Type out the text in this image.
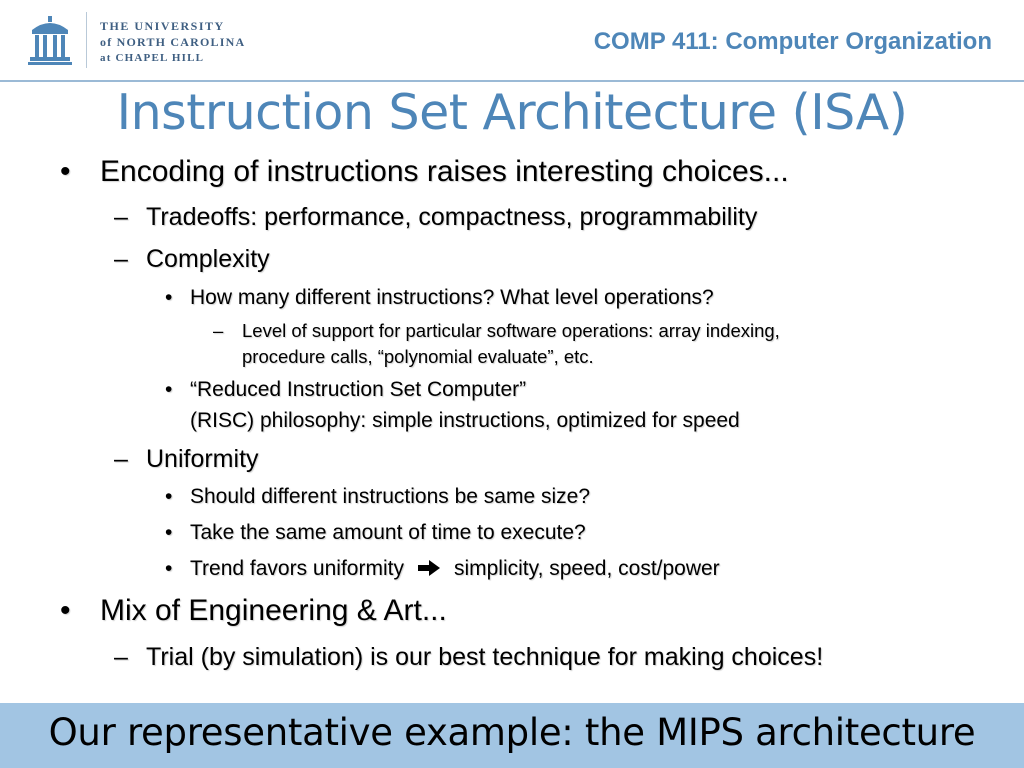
THE UNIVERSITY
of NORTH CAROLINA
at CHAPEL HILL
COMP 411: Computer Organization
Instruction Set Architecture (ISA)
• Encoding of instructions raises interesting choices...
– Tradeoffs: performance, compactness, programmability
– Complexity
• How many different instructions? What level operations?
– Level of support for particular software operations: array indexing,
procedure calls, “polynomial evaluate”, etc.
• “Reduced Instruction Set Computer”
(RISC) philosophy: simple instructions, optimized for speed
– Uniformity
• Should different instructions be same size?
• Take the same amount of time to execute?
• Trend favors uniformity simplicity, speed, cost/power
• Mix of Engineering & Art...
– Trial (by simulation) is our best technique for making choices!
Our representative example: the MIPS architecture
